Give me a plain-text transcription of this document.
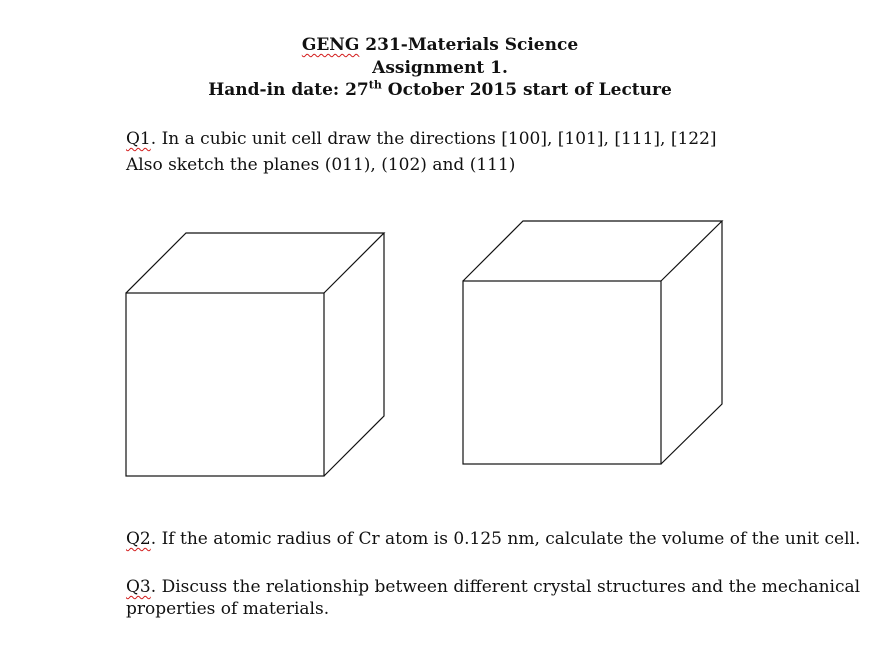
GENG 231-Materials Science
Assignment 1.
Hand-in date: 27th October 2015 start of Lecture
Q1. In a cubic unit cell draw the directions [100], [101], [111], [122]
Also sketch the planes (011), (102) and (111)
Q2. If the atomic radius of Cr atom is 0.125 nm, calculate the volume of the unit cell.
Q3. Discuss the relationship between different crystal structures and the mechanical
properties of materials.
